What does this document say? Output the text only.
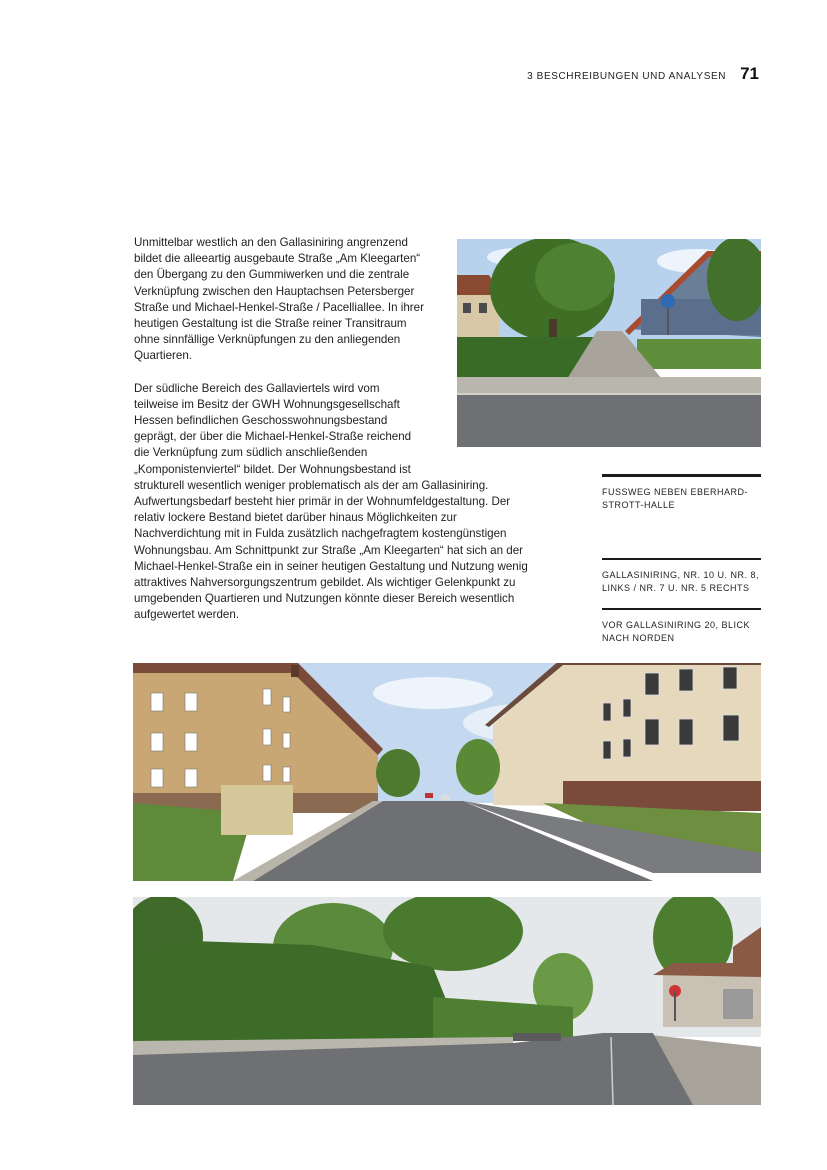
3 BESCHREIBUNGEN UND ANALYSEN 71

Unmittelbar westlich an den Gallasiniring angrenzend bildet die alleeartig ausgebaute Straße „Am Kleegarten“ den Übergang zu den Gummiwerken und die zentrale Verknüpfung zwischen den Hauptachsen Petersberger Straße und Michael-Henkel-Straße / Pacelliallee. In ihrer heutigen Gestaltung ist die Straße reiner Transitraum ohne sinnfällige Verknüpfungen zu den anliegenden Quartieren.

Der südliche Bereich des Gallaviertels wird vom teilweise im Besitz der GWH Wohnungsgesellschaft Hessen befindlichen Geschosswohnungsbestand geprägt, der über die Michael-Henkel-Straße reichend die Verknüpfung zum südlich anschließenden „Komponistenviertel“ bildet. Der Wohnungsbestand ist strukturell wesentlich weniger problematisch als der am Gallasiniring. Aufwertungsbedarf besteht hier primär in der Wohnumfeldgestaltung. Der relativ lockere Bestand bietet darüber hinaus Möglichkeiten zur Nachverdichtung mit in Fulda zusätzlich nachgefragtem kostengünstigen Wohnungsbau. Am Schnittpunkt zur Straße „Am Kleegarten“ hat sich an der Michael-Henkel-Straße ein in seiner heutigen Gestaltung und Nutzung wenig attraktives Nahversorgungszentrum gebildet. Als wichtiger Gelenkpunkt zu umgebenden Quartieren und Nutzungen könnte dieser Bereich wesentlich aufgewertet werden.

FUSSWEG NEBEN EBERHARD-STROTT-HALLE
GALLASINIRING, NR. 10 U. NR. 8, LINKS / NR. 7 U. NR. 5 RECHTS
VOR GALLASINIRING 20, BLICK NACH NORDEN
